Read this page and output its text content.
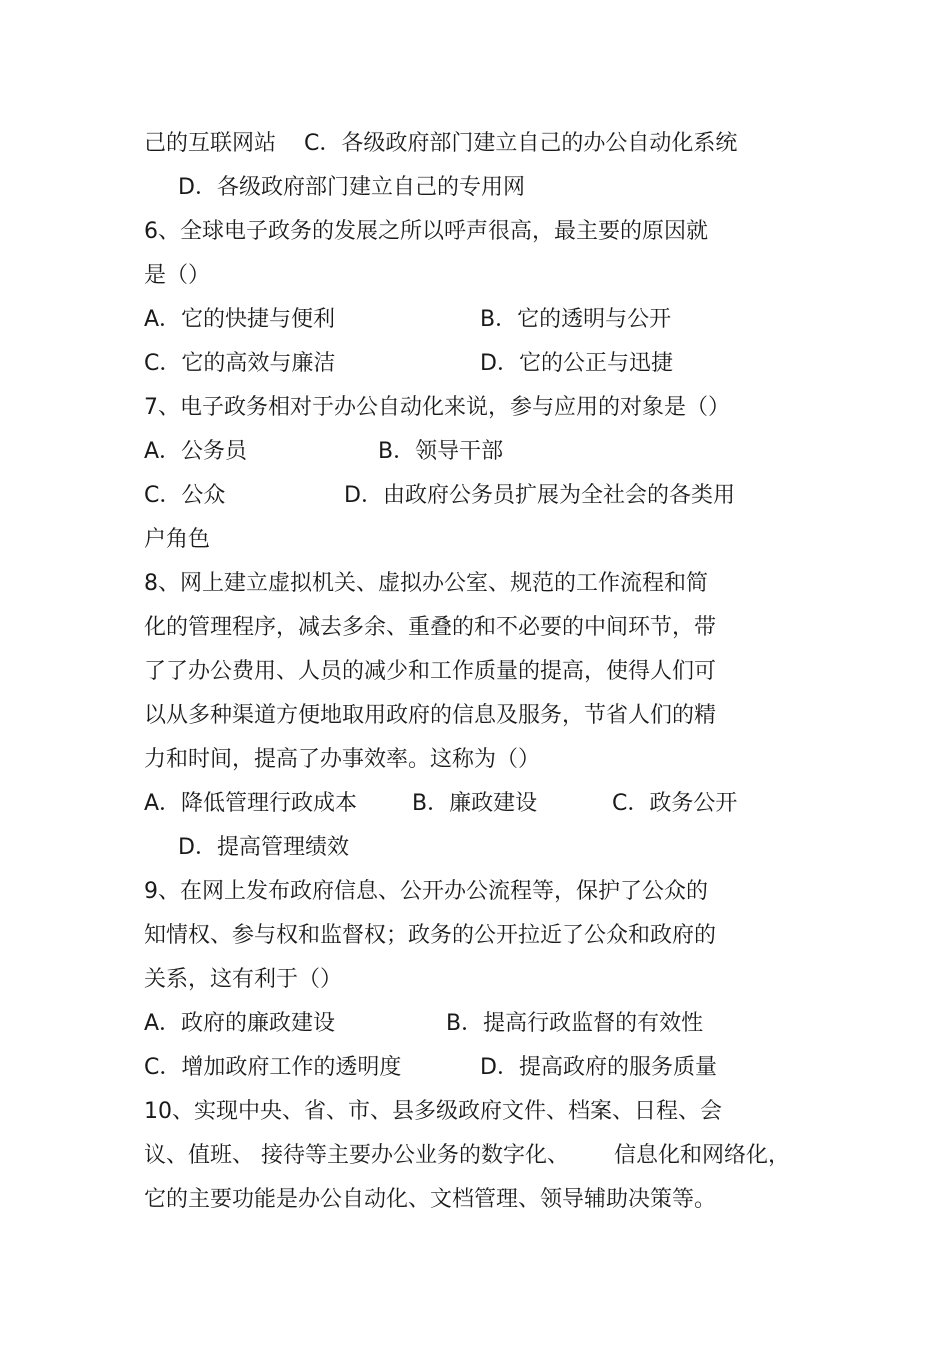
己的互联网站 C．各级政府部门建立自己的办公自动化系统
D．各级政府部门建立自己的专用网
6、全球电子政务的发展之所以呼声很高，最主要的原因就
是（）
A．它的快捷与便利	B．它的透明与公开
C．它的高效与廉洁	D．它的公正与迅捷
7、电子政务相对于办公自动化来说，参与应用的对象是（）
A．公务员	B．领导干部
C．公众	D．由政府公务员扩展为全社会的各类用
户角色
8、网上建立虚拟机关、虚拟办公室、规范的工作流程和简
化的管理程序，减去多余、重叠的和不必要的中间环节，带
了了办公费用、人员的减少和工作质量的提高，使得人们可
以从多种渠道方便地取用政府的信息及服务，节省人们的精
力和时间，提高了办事效率。这称为（）
A．降低管理行政成本 B．廉政建设	C．政务公开
D．提高管理绩效
9、在网上发布政府信息、公开办公流程等，保护了公众的
知情权、参与权和监督权；政务的公开拉近了公众和政府的
关系，这有利于（）
A．政府的廉政建设	B．提高行政监督的有效性
C．增加政府工作的透明度	D．提高政府的服务质量
10、实现中央、省、市、县多级政府文件、档案、日程、会
议、值班、 接待等主要办公业务的数字化、 信息化和网络化，
它的主要功能是办公自动化、文档管理、领导辅助决策等。
